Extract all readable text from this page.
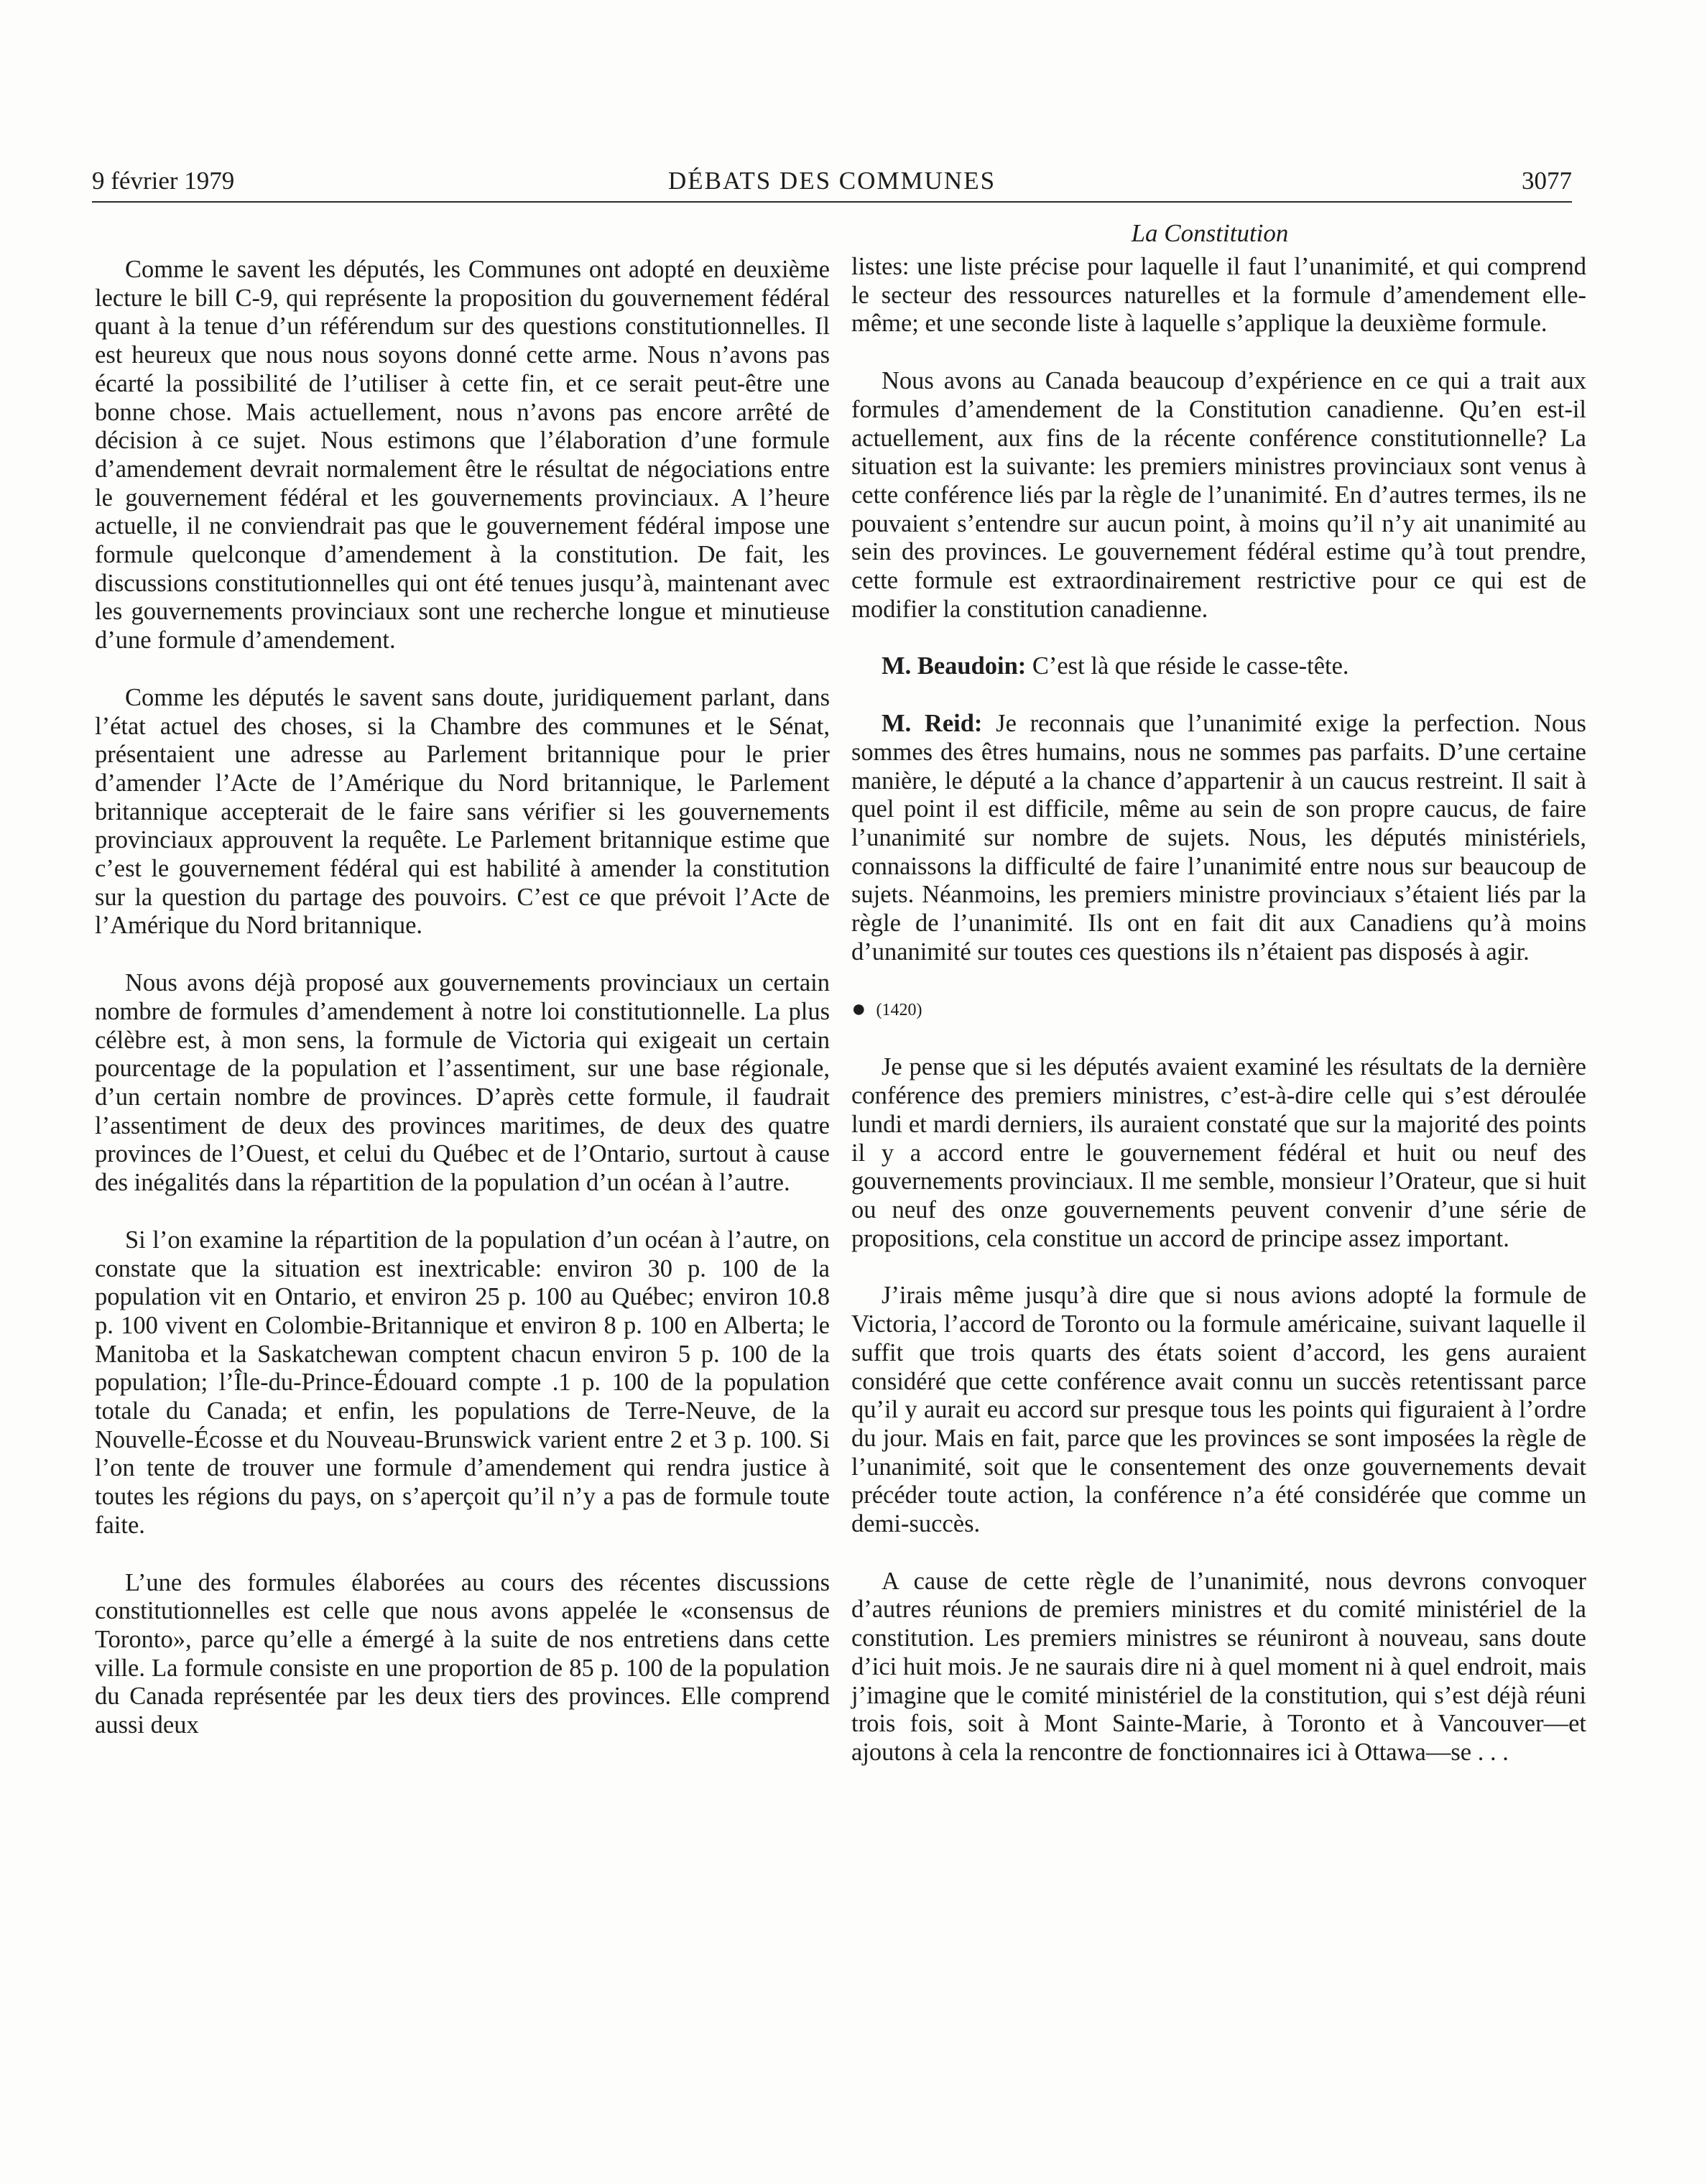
9 février 1979	DÉBATS DES COMMUNES	3077
La Constitution

Comme le savent les députés, les Communes ont adopté en deuxième lecture le bill C-9, qui représente la proposition du gouvernement fédéral quant à la tenue d’un référendum sur des questions constitutionnelles. Il est heureux que nous nous soyons donné cette arme. Nous n’avons pas écarté la possibilité de l’utiliser à cette fin, et ce serait peut-être une bonne chose. Mais actuellement, nous n’avons pas encore arrêté de décision à ce sujet. Nous estimons que l’élaboration d’une formule d’amendement devrait normalement être le résultat de négociations entre le gouvernement fédéral et les gouvernements provinciaux. A l’heure actuelle, il ne conviendrait pas que le gouvernement fédéral impose une formule quelconque d’amendement à la constitution. De fait, les discussions constitutionnelles qui ont été tenues jusqu’à, maintenant avec les gouvernements provinciaux sont une recherche longue et minutieuse d’une formule d’amendement.

Comme les députés le savent sans doute, juridiquement parlant, dans l’état actuel des choses, si la Chambre des communes et le Sénat, présentaient une adresse au Parlement britannique pour le prier d’amender l’Acte de l’Amérique du Nord britannique, le Parlement britannique accepterait de le faire sans vérifier si les gouvernements provinciaux approuvent la requête. Le Parlement britannique estime que c’est le gouvernement fédéral qui est habilité à amender la constitution sur la question du partage des pouvoirs. C’est ce que prévoit l’Acte de l’Amérique du Nord britannique.

Nous avons déjà proposé aux gouvernements provinciaux un certain nombre de formules d’amendement à notre loi constitutionnelle. La plus célèbre est, à mon sens, la formule de Victoria qui exigeait un certain pourcentage de la population et l’assentiment, sur une base régionale, d’un certain nombre de provinces. D’après cette formule, il faudrait l’assentiment de deux des provinces maritimes, de deux des quatre provinces de l’Ouest, et celui du Québec et de l’Ontario, surtout à cause des inégalités dans la répartition de la population d’un océan à l’autre.

Si l’on examine la répartition de la population d’un océan à l’autre, on constate que la situation est inextricable: environ 30 p. 100 de la population vit en Ontario, et environ 25 p. 100 au Québec; environ 10.8 p. 100 vivent en Colombie-Britannique et environ 8 p. 100 en Alberta; le Manitoba et la Saskatchewan comptent chacun environ 5 p. 100 de la population; l’Île-du-Prince-Édouard compte .1 p. 100 de la population totale du Canada; et enfin, les populations de Terre-Neuve, de la Nouvelle-Écosse et du Nouveau-Brunswick varient entre 2 et 3 p. 100. Si l’on tente de trouver une formule d’amendement qui rendra justice à toutes les régions du pays, on s’aperçoit qu’il n’y a pas de formule toute faite.

L’une des formules élaborées au cours des récentes discussions constitutionnelles est celle que nous avons appelée le «consensus de Toronto», parce qu’elle a émergé à la suite de nos entretiens dans cette ville. La formule consiste en une proportion de 85 p. 100 de la population du Canada représentée par les deux tiers des provinces. Elle comprend aussi deux

listes: une liste précise pour laquelle il faut l’unanimité, et qui comprend le secteur des ressources naturelles et la formule d’amendement elle-même; et une seconde liste à laquelle s’applique la deuxième formule.

Nous avons au Canada beaucoup d’expérience en ce qui a trait aux formules d’amendement de la Constitution canadienne. Qu’en est-il actuellement, aux fins de la récente conférence constitutionnelle? La situation est la suivante: les premiers ministres provinciaux sont venus à cette conférence liés par la règle de l’unanimité. En d’autres termes, ils ne pouvaient s’entendre sur aucun point, à moins qu’il n’y ait unanimité au sein des provinces. Le gouvernement fédéral estime qu’à tout prendre, cette formule est extraordinairement restrictive pour ce qui est de modifier la constitution canadienne.

M. Beaudoin: C’est là que réside le casse-tête.

M. Reid: Je reconnais que l’unanimité exige la perfection. Nous sommes des êtres humains, nous ne sommes pas parfaits. D’une certaine manière, le député a la chance d’appartenir à un caucus restreint. Il sait à quel point il est difficile, même au sein de son propre caucus, de faire l’unanimité sur nombre de sujets. Nous, les députés ministériels, connaissons la difficulté de faire l’unanimité entre nous sur beaucoup de sujets. Néanmoins, les premiers ministre provinciaux s’étaient liés par la règle de l’unanimité. Ils ont en fait dit aux Canadiens qu’à moins d’unanimité sur toutes ces questions ils n’étaient pas disposés à agir.

● (1420)

Je pense que si les députés avaient examiné les résultats de la dernière conférence des premiers ministres, c’est-à-dire celle qui s’est déroulée lundi et mardi derniers, ils auraient constaté que sur la majorité des points il y a accord entre le gouvernement fédéral et huit ou neuf des gouvernements provinciaux. Il me semble, monsieur l’Orateur, que si huit ou neuf des onze gouvernements peuvent convenir d’une série de propositions, cela constitue un accord de principe assez important.

J’irais même jusqu’à dire que si nous avions adopté la formule de Victoria, l’accord de Toronto ou la formule américaine, suivant laquelle il suffit que trois quarts des états soient d’accord, les gens auraient considéré que cette conférence avait connu un succès retentissant parce qu’il y aurait eu accord sur presque tous les points qui figuraient à l’ordre du jour. Mais en fait, parce que les provinces se sont imposées la règle de l’unanimité, soit que le consentement des onze gouvernements devait précéder toute action, la conférence n’a été considérée que comme un demi-succès.

A cause de cette règle de l’unanimité, nous devrons convoquer d’autres réunions de premiers ministres et du comité ministériel de la constitution. Les premiers ministres se réuniront à nouveau, sans doute d’ici huit mois. Je ne saurais dire ni à quel moment ni à quel endroit, mais j’imagine que le comité ministériel de la constitution, qui s’est déjà réuni trois fois, soit à Mont Sainte-Marie, à Toronto et à Vancouver—et ajoutons à cela la rencontre de fonctionnaires ici à Ottawa—se . . .
